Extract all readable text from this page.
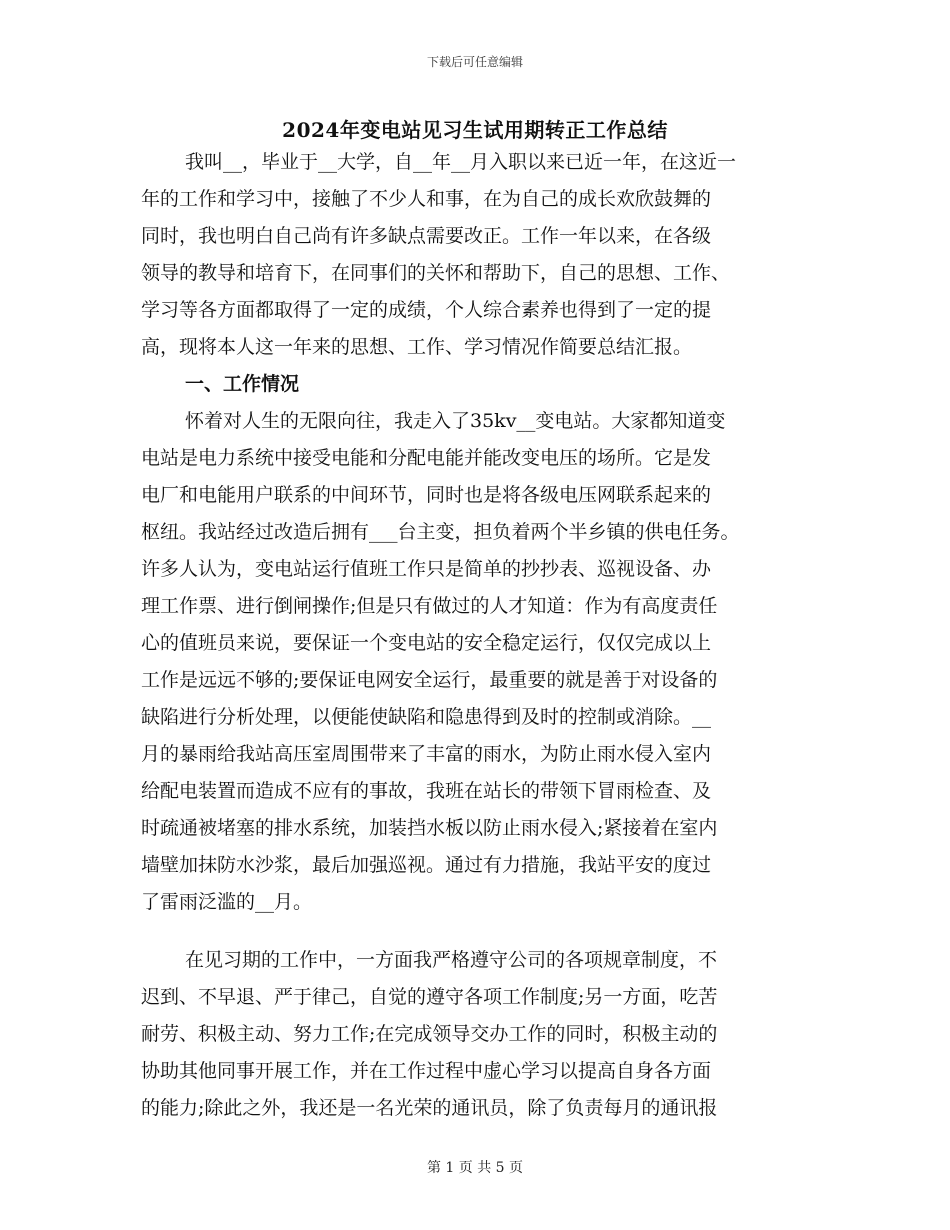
下载后可任意编辑
2024年变电站见习生试用期转正工作总结

我叫__，毕业于__大学，自__年__月入职以来已近一年，在这近一
年的工作和学习中，接触了不少人和事，在为自己的成长欢欣鼓舞的
同时，我也明白自己尚有许多缺点需要改正。工作一年以来，在各级
领导的教导和培育下，在同事们的关怀和帮助下，自己的思想、工作、
学习等各方面都取得了一定的成绩，个人综合素养也得到了一定的提
高，现将本人这一年来的思想、工作、学习情况作简要总结汇报。

一、工作情况

怀着对人生的无限向往，我走入了35kv__变电站。大家都知道变
电站是电力系统中接受电能和分配电能并能改变电压的场所。它是发
电厂和电能用户联系的中间环节，同时也是将各级电压网联系起来的
枢纽。我站经过改造后拥有___台主变，担负着两个半乡镇的供电任务。
许多人认为，变电站运行值班工作只是简单的抄抄表、巡视设备、办
理工作票、进行倒闸操作;但是只有做过的人才知道：作为有高度责任
心的值班员来说，要保证一个变电站的安全稳定运行，仅仅完成以上
工作是远远不够的;要保证电网安全运行，最重要的就是善于对设备的
缺陷进行分析处理，以便能使缺陷和隐患得到及时的控制或消除。__
月的暴雨给我站高压室周围带来了丰富的雨水，为防止雨水侵入室内
给配电装置而造成不应有的事故，我班在站长的带领下冒雨检查、及
时疏通被堵塞的排水系统，加装挡水板以防止雨水侵入;紧接着在室内
墙壁加抹防水沙浆，最后加强巡视。通过有力措施，我站平安的度过
了雷雨泛滥的__月。

在见习期的工作中，一方面我严格遵守公司的各项规章制度，不
迟到、不早退、严于律己，自觉的遵守各项工作制度;另一方面，吃苦
耐劳、积极主动、努力工作;在完成领导交办工作的同时，积极主动的
协助其他同事开展工作，并在工作过程中虚心学习以提高自身各方面
的能力;除此之外，我还是一名光荣的通讯员，除了负责每月的通讯报

第 1 页 共 5 页
